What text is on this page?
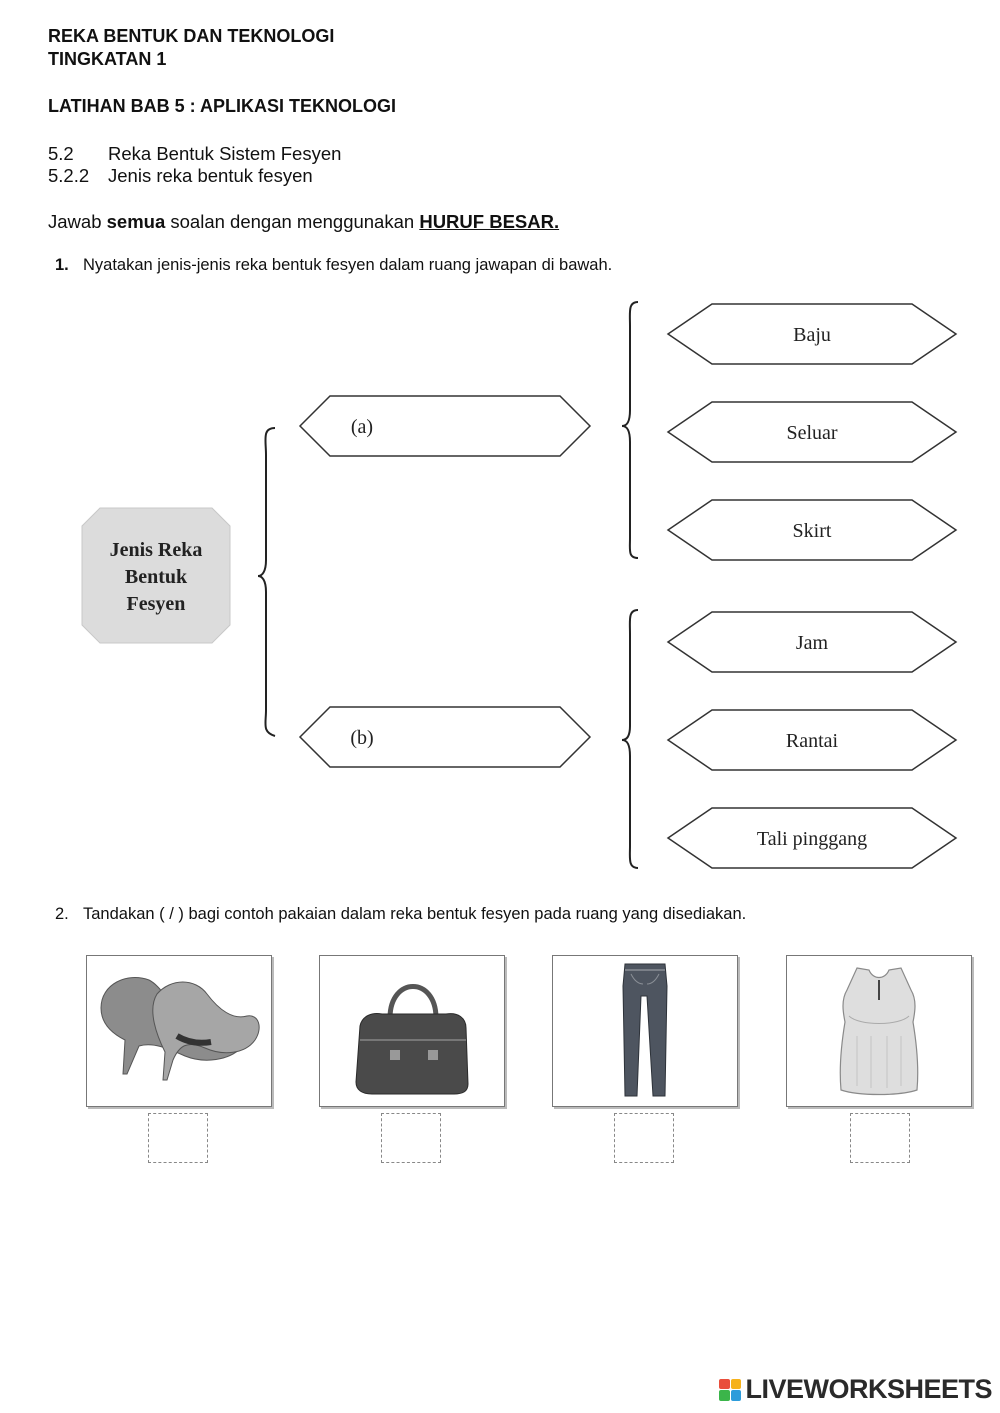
REKA BENTUK DAN TEKNOLOGI
TINGKATAN 1
LATIHAN BAB 5 : APLIKASI TEKNOLOGI
5.2 Reka Bentuk Sistem Fesyen
5.2.2 Jenis reka bentuk fesyen
Jawab semua soalan dengan menggunakan HURUF BESAR.
1. Nyatakan jenis-jenis reka bentuk fesyen dalam ruang jawapan di bawah.
Jenis Reka
Bentuk
Fesyen
(a)
(b)
Baju
Seluar
Skirt
Jam
Rantai
Tali pinggang
2. Tandakan ( / ) bagi contoh pakaian dalam reka bentuk fesyen pada ruang yang disediakan.
LIVEWORKSHEETS
